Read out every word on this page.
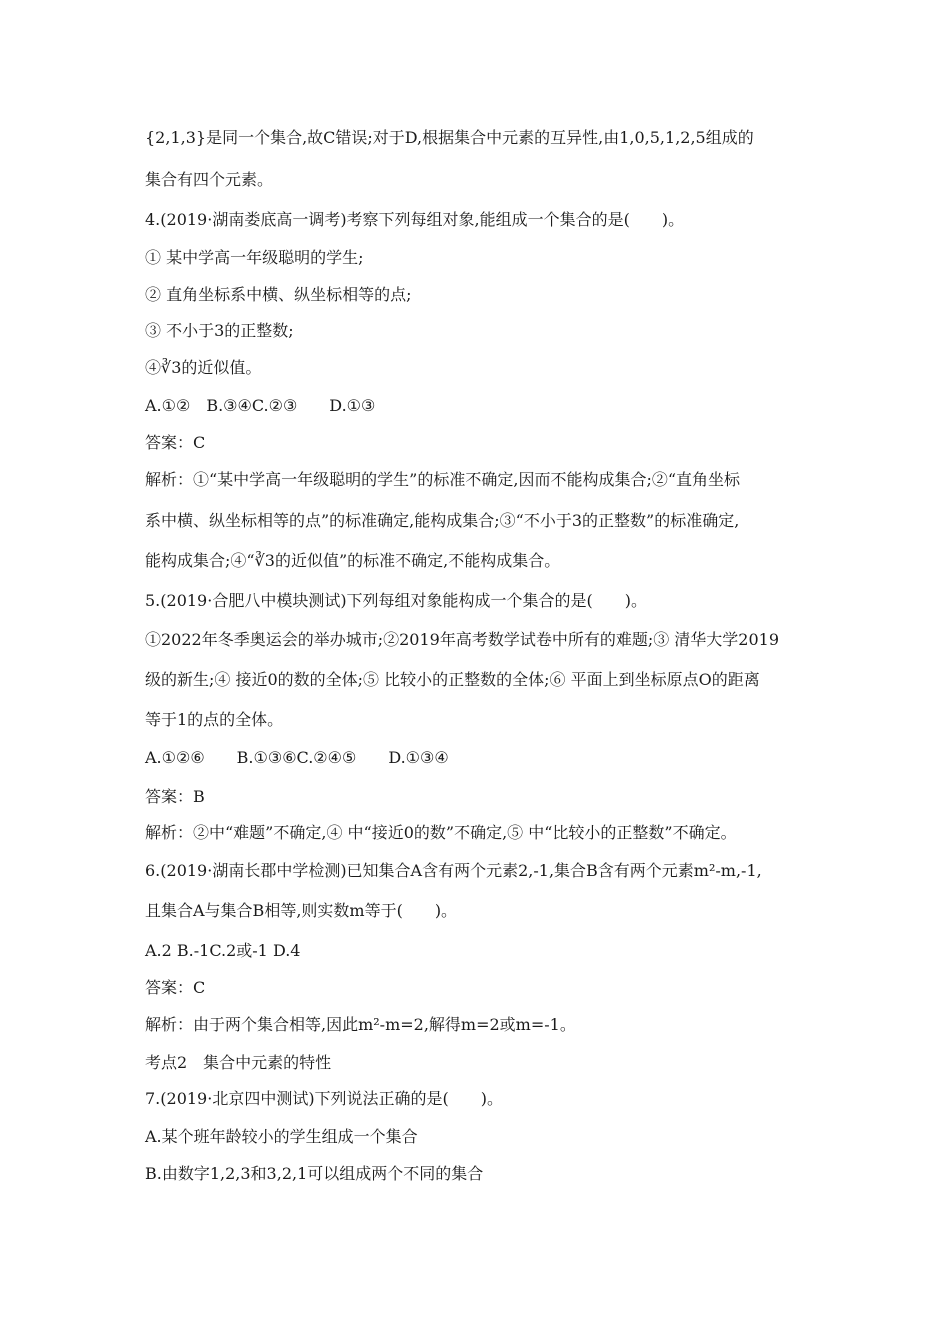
{2,1,3}是同一个集合,故C错误;对于D,根据集合中元素的互异性,由1,0,5,1,2,5组成的
集合有四个元素。
4.(2019·湖南娄底高一调考)考察下列每组对象,能组成一个集合的是(　　)。
① 某中学高一年级聪明的学生;
② 直角坐标系中横、纵坐标相等的点;
③ 不小于3的正整数;
④∛3的近似值。
A.①②　B.③④C.②③　　D.①③
答案：C
解析：①“某中学高一年级聪明的学生”的标准不确定,因而不能构成集合;②“直角坐标
系中横、纵坐标相等的点”的标准确定,能构成集合;③“不小于3的正整数”的标准确定,
能构成集合;④“∛3的近似值”的标准不确定,不能构成集合。
5.(2019·合肥八中模块测试)下列每组对象能构成一个集合的是(　　)。
①2022年冬季奥运会的举办城市;②2019年高考数学试卷中所有的难题;③ 清华大学2019
级的新生;④ 接近0的数的全体;⑤ 比较小的正整数的全体;⑥ 平面上到坐标原点O的距离
等于1的点的全体。
A.①②⑥　　B.①③⑥C.②④⑤　　D.①③④
答案：B
解析：②中“难题”不确定,④ 中“接近0的数”不确定,⑤ 中“比较小的正整数”不确定。
6.(2019·湖南长郡中学检测)已知集合A含有两个元素2,-1,集合B含有两个元素m²-m,-1,
且集合A与集合B相等,则实数m等于(　　)。
A.2 B.-1C.2或-1 D.4
答案：C
解析：由于两个集合相等,因此m²-m=2,解得m=2或m=-1。
考点2　集合中元素的特性
7.(2019·北京四中测试)下列说法正确的是(　　)。
A.某个班年龄较小的学生组成一个集合
B.由数字1,2,3和3,2,1可以组成两个不同的集合
